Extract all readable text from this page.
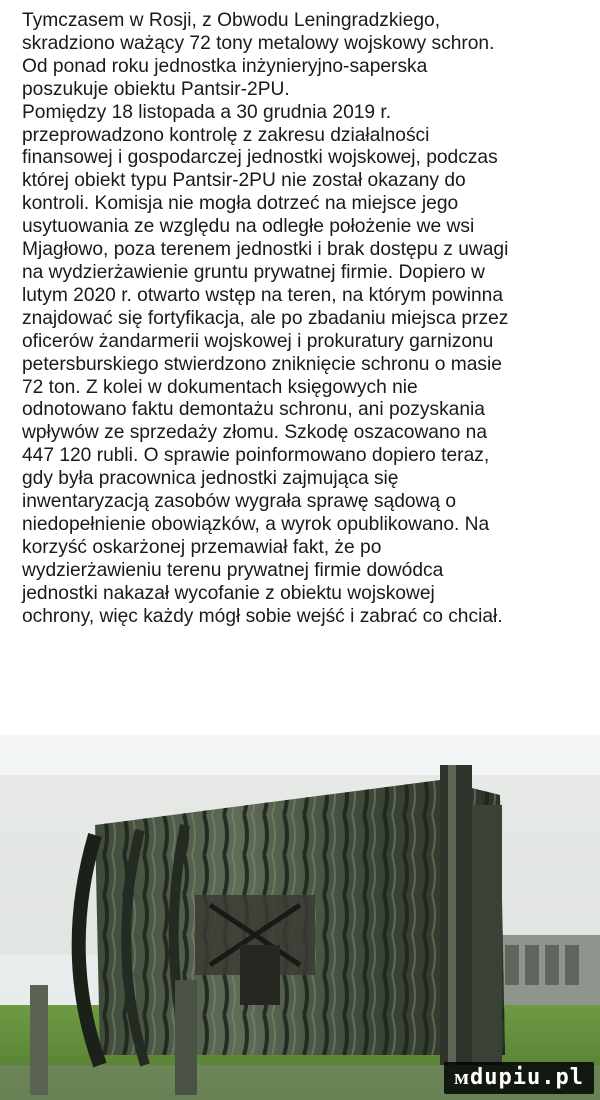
Tymczasem w Rosji, z Obwodu Leningradzkiego,
skradziono ważący 72 tony metalowy wojskowy schron.
Od ponad roku jednostka inżynieryjno-saperska
poszukuje obiektu Pantsir-2PU.
Pomiędzy 18 listopada a 30 grudnia 2019 r.
przeprowadzono kontrolę z zakresu działalności
finansowej i gospodarczej jednostki wojskowej, podczas
której obiekt typu Pantsir-2PU nie został okazany do
kontroli. Komisja nie mogła dotrzeć na miejsce jego
usytuowania ze względu na odległe położenie we wsi
Mjagłowo, poza terenem jednostki i brak dostępu z uwagi
na wydzierżawienie gruntu prywatnej firmie. Dopiero w
lutym 2020 r. otwarto wstęp na teren, na którym powinna
znajdować się fortyfikacja, ale po zbadaniu miejsca przez
oficerów żandarmerii wojskowej i prokuratury garnizonu
petersburskiego stwierdzono zniknięcie schronu o masie
72 ton. Z kolei w dokumentach księgowych nie
odnotowano faktu demontażu schronu, ani pozyskania
wpływów ze sprzedaży złomu. Szkodę oszacowano na
447 120 rubli. O sprawie poinformowano dopiero teraz,
gdy była pracownica jednostki zajmująca się
inwentaryzacją zasobów wygrała sprawę sądową o
niedopełnienie obowiązków, a wyrok opublikowano. Na
korzyść oskarżonej przemawiał fakt, że po
wydzierżawieniu terenu prywatnej firmie dowódca
jednostki nakazał wycofanie z obiektu wojskowej
ochrony, więc każdy mógł sobie wejść i zabrać co chciał.
ᴍdupiu.pl
